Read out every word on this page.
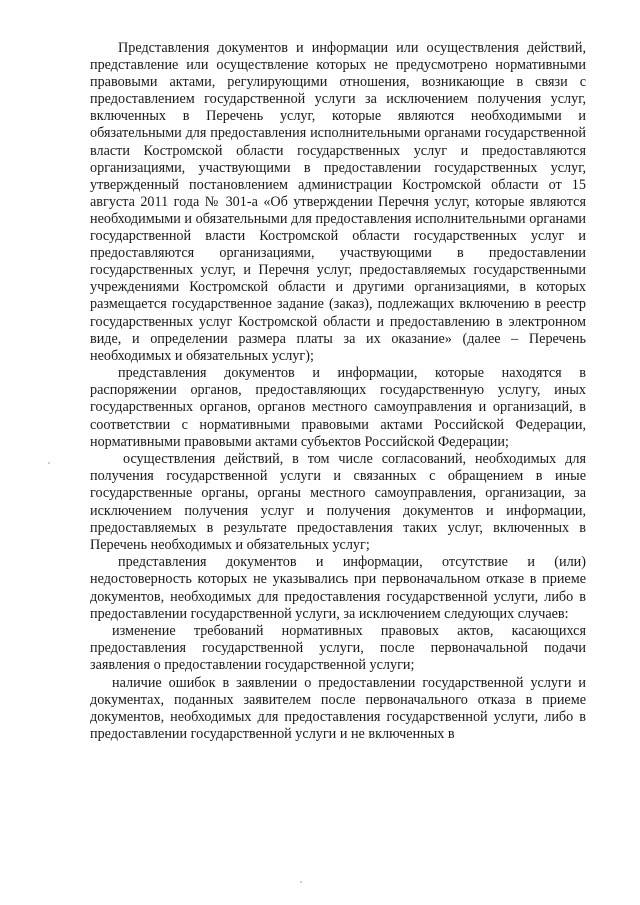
Представления документов и информации или осуществления действий, представление или осуществление которых не предусмотрено нормативными правовыми актами, регулирующими отношения, возникающие в связи с предоставлением государственной услуги за исключением получения услуг, включенных в Перечень услуг, которые являются необходимыми и обязательными для предоставления исполнительными органами государственной власти Костромской области государственных услуг и предоставляются организациями, участвующими в предоставлении государственных услуг, утвержденный постановлением администрации Костромской области от 15 августа 2011 года № 301-а «Об утверждении Перечня услуг, которые являются необходимыми и обязательными для предоставления исполнительными органами государственной власти Костромской области государственных услуг и предоставляются организациями, участвующими в предоставлении государственных услуг, и Перечня услуг, предоставляемых государственными учреждениями Костромской области и другими организациями, в которых размещается государственное задание (заказ), подлежащих включению в реестр государственных услуг Костромской области и предоставлению в электронном виде, и определении размера платы за их оказание» (далее – Перечень необходимых и обязательных услуг);

представления документов и информации, которые находятся в распоряжении органов, предоставляющих государственную услугу, иных государственных органов, органов местного самоуправления и организаций, в соответствии с нормативными правовыми актами Российской Федерации, нормативными правовыми актами субъектов Российской Федерации;

осуществления действий, в том числе согласований, необходимых для получения государственной услуги и связанных с обращением в иные государственные органы, органы местного самоуправления, организации, за исключением получения услуг и получения документов и информации, предоставляемых в результате предоставления таких услуг, включенных в Перечень необходимых и обязательных услуг;

представления документов и информации, отсутствие и (или) недостоверность которых не указывались при первоначальном отказе в приеме документов, необходимых для предоставления государственной услуги, либо в предоставлении государственной услуги, за исключением следующих случаев:

изменение требований нормативных правовых актов, касающихся предоставления государственной услуги, после первоначальной подачи заявления о предоставлении государственной услуги;

наличие ошибок в заявлении о предоставлении государственной услуги и документах, поданных заявителем после первоначального отказа в приеме документов, необходимых для предоставления государственной услуги, либо в предоставлении государственной услуги и не включенных в
